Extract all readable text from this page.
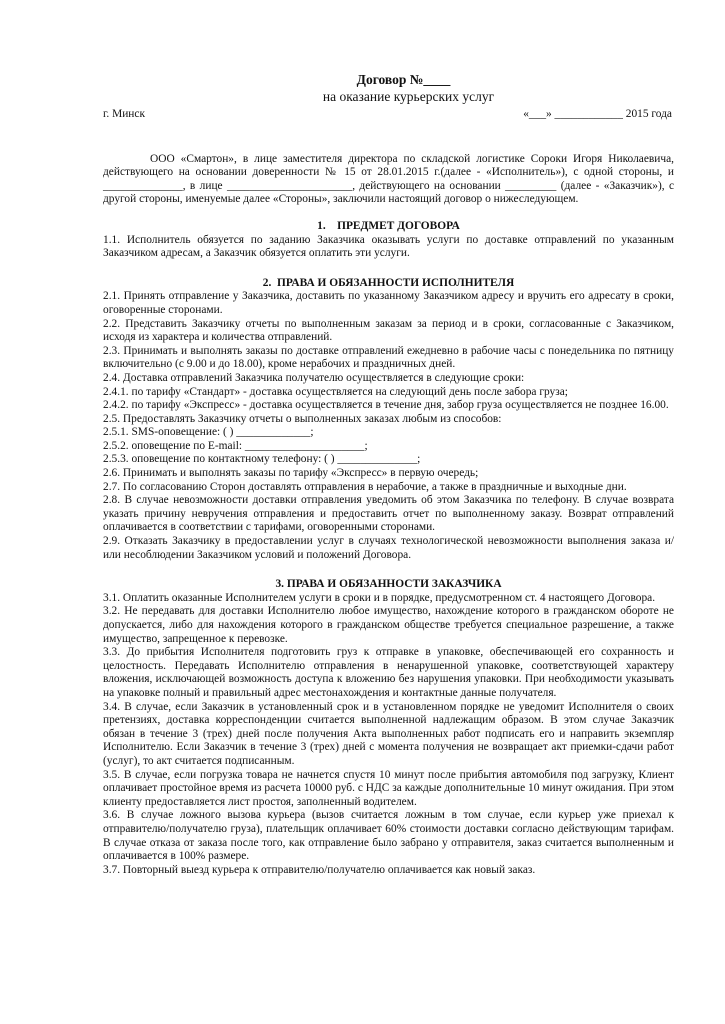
Договор №____

на оказание курьерских услуг

г. Минск	«___» ____________ 2015 года

ООО «Смартон», в лице заместителя директора по складской логистике Сороки Игоря Николаевича, действующего на основании доверенности № 15 от 28.01.2015 г.(далее - «Исполнитель»), с одной стороны, и ______________, в лице ______________________, действующего на основании _________ (далее - «Заказчик»), с другой стороны, именуемые далее «Стороны», заключили настоящий договор о нижеследующем.

1.    ПРЕДМЕТ ДОГОВОРА

1.1. Исполнитель обязуется по заданию Заказчика оказывать услуги по доставке отправлений по указанным Заказчиком адресам, а Заказчик обязуется оплатить эти услуги.

2.  ПРАВА И ОБЯЗАННОСТИ ИСПОЛНИТЕЛЯ

2.1. Принять отправление у Заказчика, доставить по указанному Заказчиком адресу и вручить его адресату в сроки, оговоренные сторонами.

2.2. Представить Заказчику отчеты по выполненным заказам за период и в сроки, согласованные с Заказчиком, исходя из характера и количества отправлений.

2.3. Принимать и выполнять заказы по доставке отправлений ежедневно в рабочие часы с понедельника по пятницу включительно (с 9.00 и до 18.00), кроме нерабочих и праздничных дней.

2.4. Доставка отправлений Заказчика получателю осуществляется в следующие сроки:

2.4.1. по тарифу «Стандарт» - доставка осуществляется на следующий день после забора груза;

2.4.2. по тарифу «Экспресс» - доставка осуществляется в течение дня, забор груза осуществляется не позднее 16.00.

2.5. Предоставлять Заказчику отчеты о выполненных заказах любым из способов:

2.5.1. SMS-оповещение: ( ) _____________;

2.5.2. оповещение по E-mail: _____________________;

2.5.3. оповещение по контактному телефону: ( ) ______________;

2.6. Принимать и выполнять заказы по тарифу «Экспресс» в первую очередь;

2.7. По согласованию Сторон доставлять отправления в нерабочие, а также в праздничные и выходные дни.

2.8. В случае невозможности доставки отправления уведомить об этом Заказчика по телефону. В случае возврата указать причину невручения отправления и предоставить отчет по выполненному заказу. Возврат отправлений оплачивается в соответствии с тарифами, оговоренными сторонами.

2.9. Отказать Заказчику в предоставлении услуг в случаях технологической невозможности выполнения заказа и/ или несоблюдении Заказчиком условий и положений Договора.

3. ПРАВА И ОБЯЗАННОСТИ ЗАКАЗЧИКА

3.1. Оплатить оказанные Исполнителем услуги в сроки и в порядке, предусмотренном ст. 4 настоящего Договора.

3.2. Не передавать для доставки Исполнителю любое имущество, нахождение которого в гражданском обороте не допускается, либо для нахождения которого в гражданском обществе требуется специальное разрешение, а также имущество, запрещенное к перевозке.

3.3. До прибытия Исполнителя подготовить груз к отправке в упаковке, обеспечивающей его сохранность и целостность. Передавать Исполнителю отправления в ненарушенной упаковке, соответствующей характеру вложения, исключающей возможность доступа к вложению без нарушения упаковки. При необходимости указывать на упаковке полный и правильный адрес местонахождения и контактные данные получателя.

3.4. В случае, если Заказчик в установленный срок и в установленном порядке не уведомит Исполнителя о своих претензиях, доставка корреспонденции считается выполненной надлежащим образом. В этом случае Заказчик обязан в течение 3 (трех) дней после получения Акта выполненных работ подписать его и направить экземпляр Исполнителю. Если Заказчик в течение 3 (трех) дней с момента получения не возвращает акт приемки-сдачи работ (услуг), то акт считается подписанным.

3.5. В случае, если погрузка товара не начнется спустя 10 минут после прибытия автомобиля под загрузку, Клиент оплачивает простойное время из расчета 10000 руб. с НДС за каждые дополнительные 10 минут ожидания. При этом клиенту предоставляется лист простоя, заполненный водителем.

3.6. В случае ложного вызова курьера (вызов считается ложным в том случае, если курьер уже приехал к отправителю/получателю груза), плательщик оплачивает 60% стоимости доставки согласно действующим тарифам. В случае отказа от заказа после того, как отправление было забрано у отправителя, заказ считается выполненным и оплачивается в 100% размере.

3.7. Повторный выезд курьера к отправителю/получателю оплачивается как новый заказ.
